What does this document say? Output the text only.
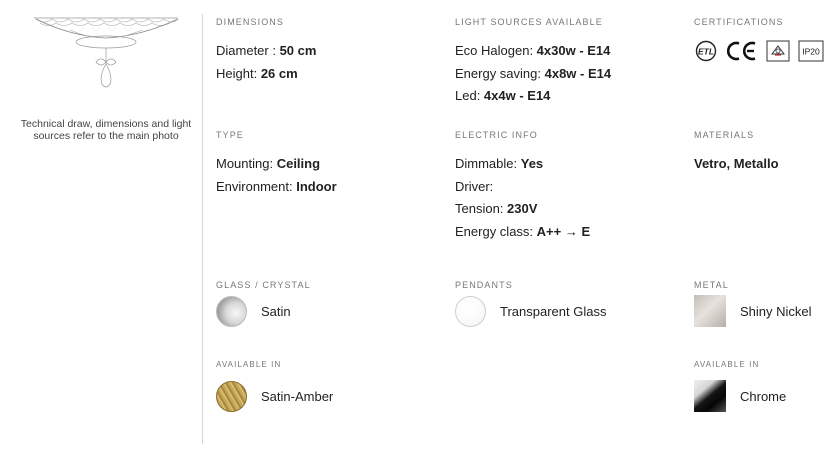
Technical draw, dimensions and light sources refer to the main photo
DIMENSIONS
Diameter : 50 cm
Height: 26 cm
LIGHT SOURCES AVAILABLE
Eco Halogen: 4x30w - E14
Energy saving: 4x8w - E14
Led: 4x4w - E14
CERTIFICATIONS
ETL	IP20
TYPE
Mounting: Ceiling
Environment: Indoor
ELECTRIC INFO
Dimmable: Yes
Driver:
Tension: 230V
Energy class: A++ → E
MATERIALS
Vetro, Metallo
GLASS / CRYSTAL
Satin
AVAILABLE IN
Satin-Amber
PENDANTS
Transparent Glass
METAL
Shiny Nickel
AVAILABLE IN
Chrome
